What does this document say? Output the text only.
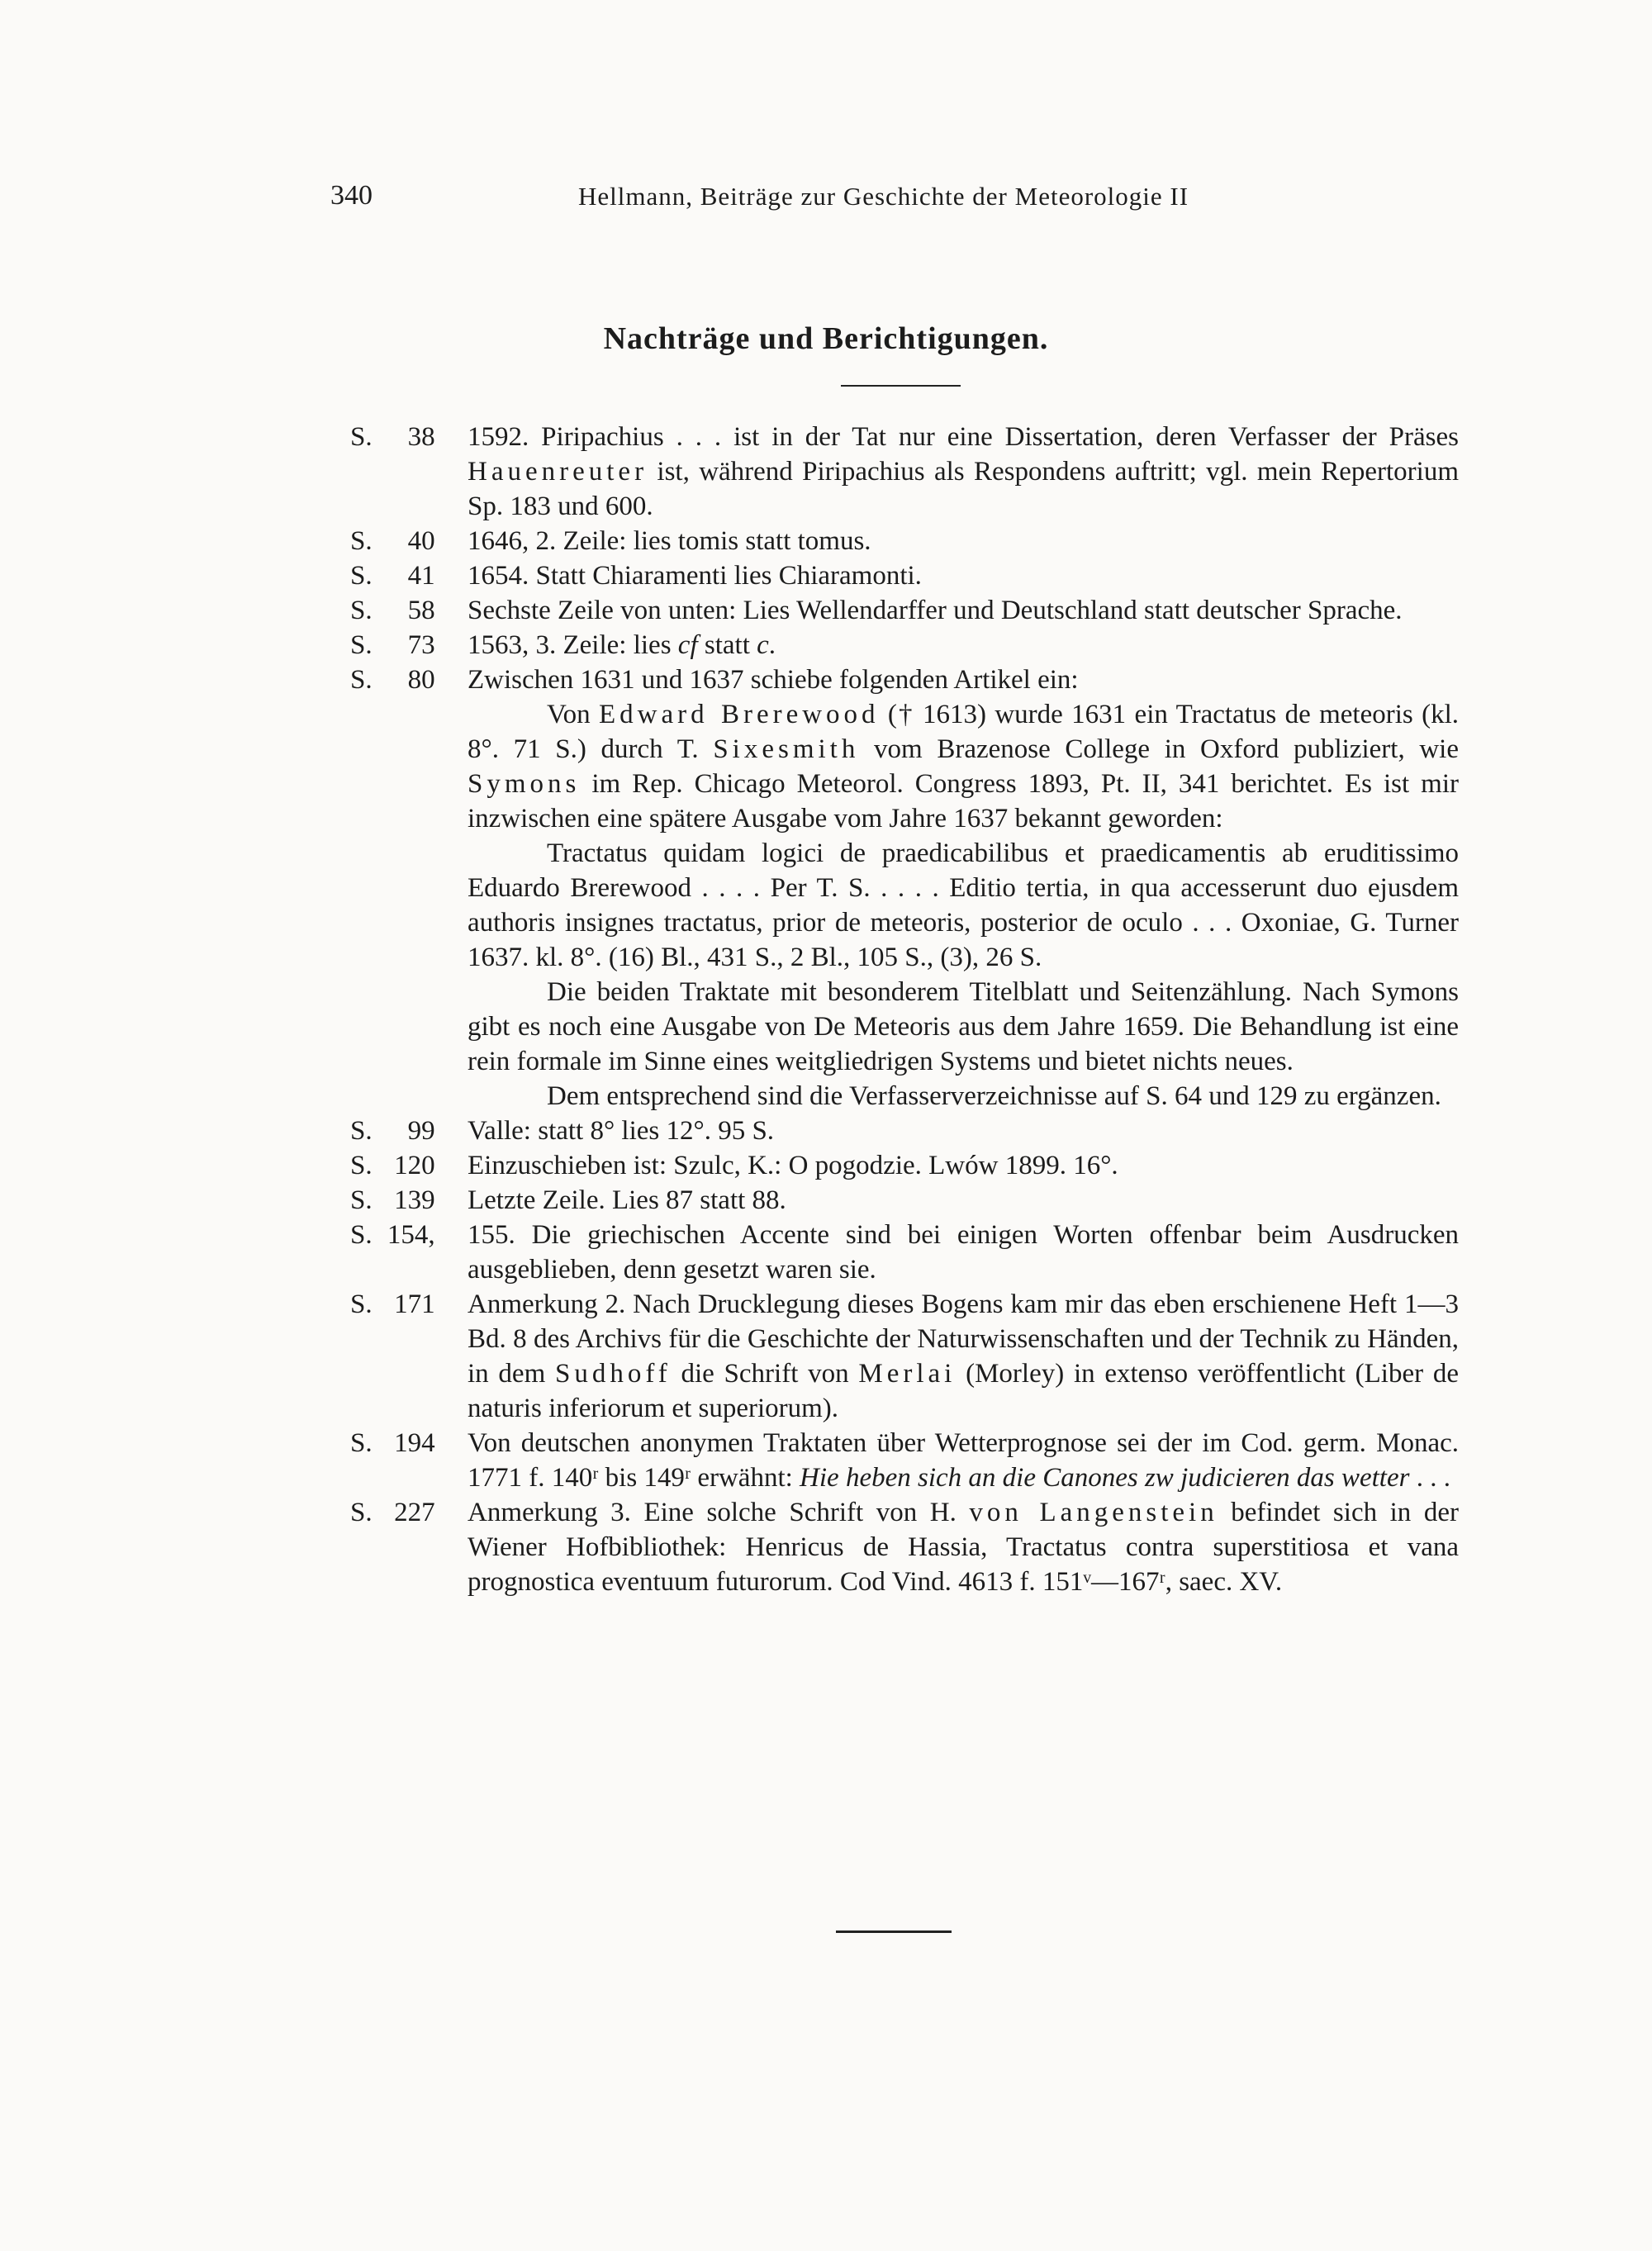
340	Hellmann, Beiträge zur Geschichte der Meteorologie II
Nachträge und Berichtigungen.
S. 38	1592. Piripachius . . . ist in der Tat nur eine Dissertation, deren Verfasser der Präses Hauenreuter ist, während Piripachius als Respondens auftritt; vgl. mein Repertorium Sp. 183 und 600.

S. 40	1646, 2. Zeile: lies tomis statt tomus.

S. 41	1654. Statt Chiaramenti lies Chiaramonti.

S. 58	Sechste Zeile von unten: Lies Wellendarffer und Deutschland statt deutscher Sprache.

S. 73	1563, 3. Zeile: lies cf statt c.

S. 80	Zwischen 1631 und 1637 schiebe folgenden Artikel ein:

Von Edward Brerewood († 1613) wurde 1631 ein Tractatus de meteoris (kl. 8°. 71 S.) durch T. Sixesmith vom Brazenose College in Oxford publiziert, wie Symons im Rep. Chicago Meteorol. Congress 1893, Pt. II, 341 berichtet. Es ist mir inzwischen eine spätere Ausgabe vom Jahre 1637 bekannt geworden:

Tractatus quidam logici de praedicabilibus et praedicamentis ab eruditissimo Eduardo Brerewood . . . . Per T. S. . . . . Editio tertia, in qua accesserunt duo ejusdem authoris insignes tractatus, prior de meteoris, posterior de oculo . . . Oxoniae, G. Turner 1637. kl. 8°. (16) Bl., 431 S., 2 Bl., 105 S., (3), 26 S.

Die beiden Traktate mit besonderem Titelblatt und Seitenzählung. Nach Symons gibt es noch eine Ausgabe von De Meteoris aus dem Jahre 1659. Die Behandlung ist eine rein formale im Sinne eines weitgliedrigen Systems und bietet nichts neues.

Dem entsprechend sind die Verfasserverzeichnisse auf S. 64 und 129 zu ergänzen.

S. 99	Valle: statt 8° lies 12°. 95 S.

S. 120	Einzuschieben ist: Szulc, K.: O pogodzie. Lwów 1899. 16°.

S. 139	Letzte Zeile. Lies 87 statt 88.

S. 154,	155. Die griechischen Accente sind bei einigen Worten offenbar beim Ausdrucken ausgeblieben, denn gesetzt waren sie.

S. 171	Anmerkung 2. Nach Drucklegung dieses Bogens kam mir das eben erschienene Heft 1—3 Bd. 8 des Archivs für die Geschichte der Naturwissenschaften und der Technik zu Händen, in dem Sudhoff die Schrift von Merlai (Morley) in extenso veröffentlicht (Liber de naturis inferiorum et superiorum).

S. 194	Von deutschen anonymen Traktaten über Wetterprognose sei der im Cod. germ. Monac. 1771 f. 140ʳ bis 149ʳ erwähnt: Hie heben sich an die Canones zw judicieren das wetter . . .

S. 227	Anmerkung 3. Eine solche Schrift von H. von Langenstein befindet sich in der Wiener Hofbibliothek: Henricus de Hassia, Tractatus contra superstitiosa et vana prognostica eventuum futurorum. Cod Vind. 4613 f. 151ᵛ—167ʳ, saec. XV.
